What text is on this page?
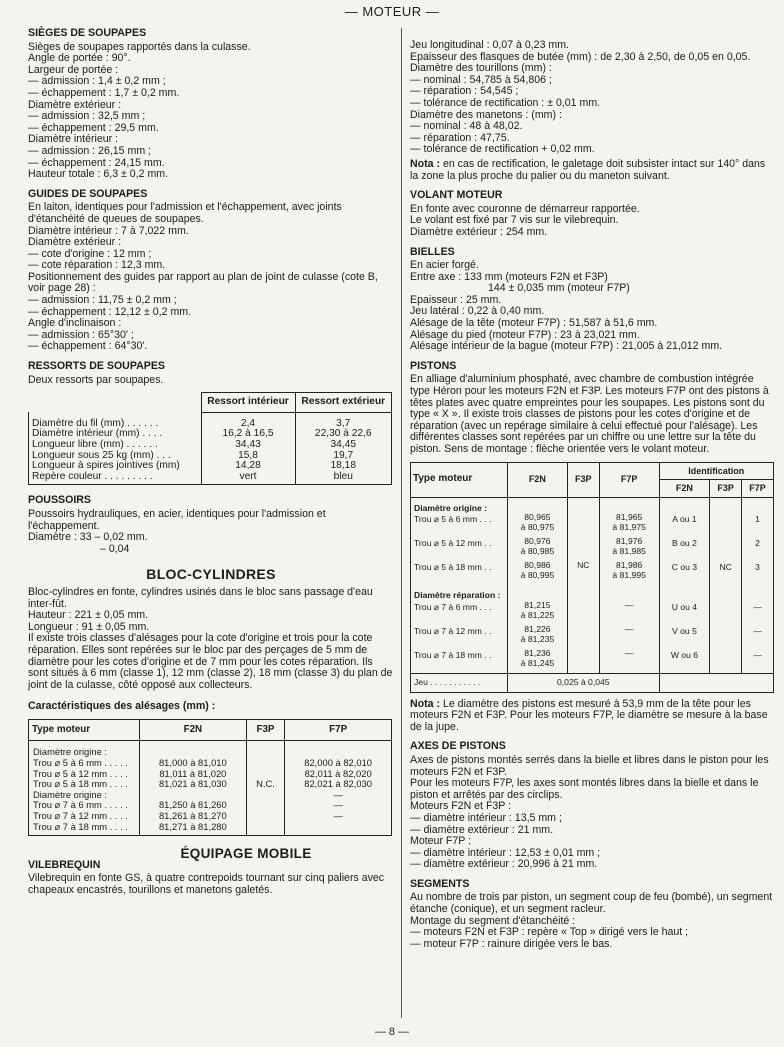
— MOTEUR —
SIÈGES DE SOUPAPES

Sièges de soupapes rapportés dans la culasse.

Angle de portée : 90°.

Largeur de portée :

— admission : 1,4 ± 0,2 mm ;

— échappement : 1,7 ± 0,2 mm.

Diamètre extérieur :

— admission : 32,5 mm ;

— échappement : 29,5 mm.

Diamètre intérieur :

— admission : 26,15 mm ;

— échappement : 24,15 mm.

Hauteur totale : 6,3 ± 0,2 mm.

GUIDES DE SOUPAPES

En laiton, identiques pour l'admission et l'échappement, avec joints d'étanchéité de queues de soupapes.

Diamètre intérieur : 7 à 7,022 mm.

Diamètre extérieur :

— cote d'origine : 12 mm ;

— cote réparation : 12,3 mm.

Positionnement des guides par rapport au plan de joint de culasse (cote B, voir page 28) :

— admission : 11,75 ± 0,2 mm ;

— échappement : 12,12 ± 0,2 mm.

Angle d'inclinaison :

— admission : 65°30' ;

— échappement : 64°30'.

RESSORTS DE SOUPAPES

Deux ressorts par soupapes.

	Ressort intérieur	Ressort extérieur
Diamètre du fil (mm) . . . . . .	2,4	3,7
Diamètre intérieur (mm) . . . .	16,2 à 16,5	22,30 à 22,6
Longueur libre (mm) . . . . . .	34,43	34,45
Longueur sous 25 kg (mm) . . .	15,8	19,7
Longueur à spires jointives (mm)	14,28	18,18
Repère couleur . . . . . . . . .	vert	bleu
POUSSOIRS

Poussoirs hydrauliques, en acier, identiques pour l'admission et l'échappement.

Diamètre : 33 – 0,02 mm.

– 0,04

BLOC-CYLINDRES

Bloc-cylindres en fonte, cylindres usinés dans le bloc sans passage d'eau inter-fût.

Hauteur : 221 ± 0,05 mm.

Longueur : 91 ± 0,05 mm.

Il existe trois classes d'alésages pour la cote d'origine et trois pour la cote réparation. Elles sont repérées sur le bloc par des perçages de 5 mm de diamètre pour les cotes d'origine et de 7 mm pour les cotes réparation. Ils sont situés à 6 mm (classe 1), 12 mm (classe 2), 18 mm (classe 3) du plan de joint de la culasse, côté opposé aux collecteurs.

Caractéristiques des alésages (mm) :
Type moteur	F2N	F3P	F7P
Diamètre origine :			
Trou ⌀ 5 à 6 mm . . . . .	81,000 à 81,010		82,000 à 82,010
Trou ⌀ 5 à 12 mm . . . .	81,011 à 81,020		82,011 à 82,020
Trou ⌀ 5 à 18 mm . . . .	81,021 à 81,030	N.C.	82,021 à 82,030
Diamètre origine :			—
Trou ⌀ 7 à 6 mm . . . . .	81,250 à 81,260		—
Trou ⌀ 7 à 12 mm . . . .	81,261 à 81,270		—
Trou ⌀ 7 à 18 mm . . . .	81,271 à 81,280		
ÉQUIPAGE MOBILE
VILEBREQUIN

Vilebrequin en fonte GS, à quatre contrepoids tournant sur cinq paliers avec chapeaux encastrés, tourillons et manetons galetés.

Jeu longitudinal : 0,07 à 0,23 mm.

Epaisseur des flasques de butée (mm) : de 2,30 à 2,50, de 0,05 en 0,05.

Diamètre des tourillons (mm) :

— nominal : 54,785 à 54,806 ;

— réparation : 54,545 ;

— tolérance de rectification : ± 0,01 mm.

Diamètre des manetons : (mm) :

— nominal : 48 à 48,02.

— réparation : 47,75.

— tolérance de rectification + 0,02 mm.

Nota : en cas de rectification, le galetage doit subsister intact sur 140° dans la zone la plus proche du palier ou du maneton suivant.

VOLANT MOTEUR

En fonte avec couronne de démarreur rapportée.

Le volant est fixé par 7 vis sur le vilebrequin.

Diamètre extérieur : 254 mm.

BIELLES

En acier forgé.

Entre axe : 133 mm (moteurs F2N et F3P)

144 ± 0,035 mm (moteur F7P)

Epaisseur : 25 mm.

Jeu latéral : 0,22 à 0,40 mm.

Alésage de la tête (moteur F7P) : 51,587 à 51,6 mm.

Alésage du pied (moteur F7P) : 23 à 23,021 mm.

Alésage intérieur de la bague (moteur F7P) : 21,005 à 21,012 mm.

PISTONS

En alliage d'aluminium phosphaté, avec chambre de combustion intégrée type Héron pour les moteurs F2N et F3P. Les moteurs F7P ont des pistons à têtes plates avec quatre empreintes pour les soupapes. Les pistons sont du type « X ». Il existe trois classes de pistons pour les cotes d'origine et de réparation (avec un repérage similaire à celui effectué pour l'alésage). Les différentes classes sont repérées par un chiffre ou une lettre sur la tête du piston. Sens de montage : flèche orientée vers le volant moteur.

Type moteur	F2N	F3P	F7P	Identification		
				F2N	F3P	F7P
Diamètre origine :						
Trou ⌀ 5 à 6 mm . . .	80,965
à 80,975		81,965
à 81,975	A ou 1		1
Trou ⌀ 5 à 12 mm . .	80,976
à 80,985		81,976
à 81,985	B ou 2		2
Trou ⌀ 5 à 18 mm . .	80,986
à 80,995	NC	81,986
à 81,995	C ou 3	NC	3
Diamètre réparation :						
Trou ⌀ 7 à 6 mm . . .	81,215
à 81,225		—	U ou 4		—
Trou ⌀ 7 à 12 mm . .	81,226
à 81,235		—	V ou 5		—
Trou ⌀ 7 à 18 mm . .	81,236
à 81,245		—	W ou 6		—
Jeu . . . . . . . . . . .	0,025 à 0,045					

Nota : Le diamètre des pistons est mesuré à 53,9 mm de la tête pour les moteurs F2N et F3P. Pour les moteurs F7P, le diamètre se mesure à la base de la jupe.

AXES DE PISTONS

Axes de pistons montés serrés dans la bielle et libres dans le piston pour les moteurs F2N et F3P.

Pour les moteurs F7P, les axes sont montés libres dans la bielle et dans le piston et arrêtés par des circlips.

Moteurs F2N et F3P :

— diamètre intérieur : 13,5 mm ;

— diamètre extérieur : 21 mm.

Moteur F7P :

— diamètre intérieur : 12,53 ± 0,01 mm ;

— diamètre extérieur : 20,996 à 21 mm.

SEGMENTS

Au nombre de trois par piston, un segment coup de feu (bombé), un segment étanche (conique), et un segment racleur.

Montage du segment d'étanchéité :

— moteurs F2N et F3P : repère « Top » dirigé vers le haut ;

— moteur F7P : rainure dirigée vers le bas.

— 8 —
